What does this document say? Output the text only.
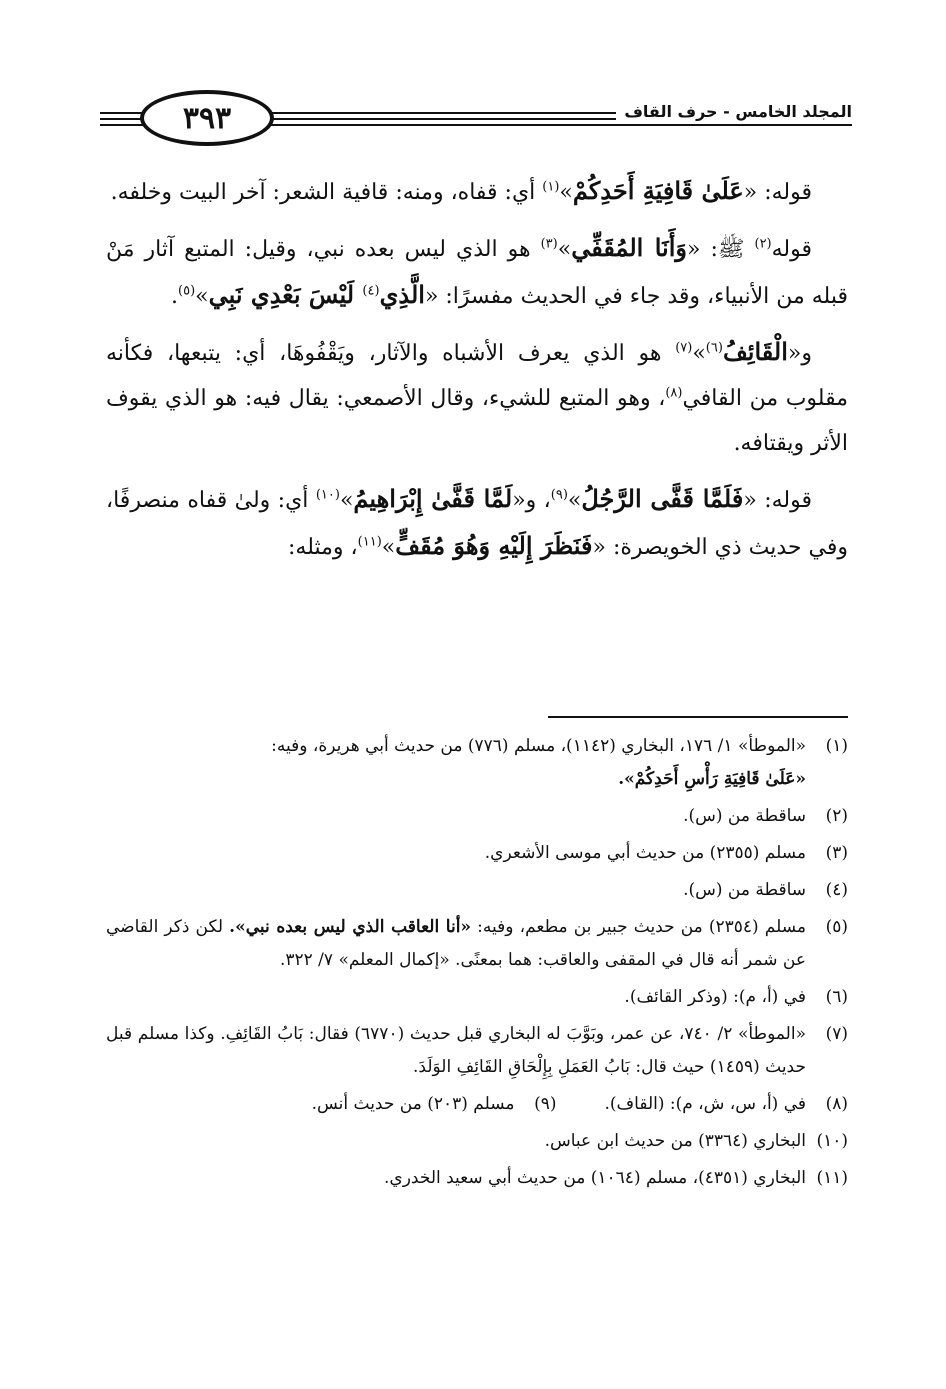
٣٩٣	المجلد الخامس - حرف القاف

قوله: «عَلَىٰ قَافِيَةِ أَحَدِكُمْ»$^{(١)}$ أي: قفاه، ومنه: قافية الشعر: آخر البيت وخلفه.

قوله$^{(٢)}$ ﷺ: «وَأَنَا المُقَفِّي»$^{(٣)}$ هو الذي ليس بعده نبي، وقيل: المتبع آثار مَنْ قبله من الأنبياء، وقد جاء في الحديث مفسرًا: «الَّذِي$^{(٤)}$ لَيْسَ بَعْدِي نَبِي»$^{(٥)}$.

و«الْقَائِفُ$^{(٦)}$»$^{(٧)}$ هو الذي يعرف الأشباه والآثار، ويَقْفُوهَا، أي: يتبعها، فكأنه مقلوب من القافي$^{(٨)}$، وهو المتبع للشيء، وقال الأصمعي: يقال فيه: هو الذي يقوف الأثر ويقتافه.

قوله: «فَلَمَّا قَفَّى الرَّجُلُ»$^{(٩)}$، و«لَمَّا قَفَّىٰ إِبْرَاهِيمُ»$^{(١٠)}$ أي: ولىٰ قفاه منصرفًا، وفي حديث ذي الخويصرة: «فَنَظَرَ إِلَيْهِ وَهُوَ مُقَفٍّ»$^{(١١)}$، ومثله:

(١)
«الموطأ» ١/ ١٧٦، البخاري (١١٤٢)، مسلم (٧٧٦) من حديث أبي هريرة، وفيه:
«عَلَىٰ قَافِيَةِ رَأْسِ أَحَدِكُمْ».
(٢)
ساقطة من (س).
(٣)
مسلم (٢٣٥٥) من حديث أبي موسى الأشعري.
(٤)
ساقطة من (س).
(٥)
مسلم (٢٣٥٤) من حديث جبير بن مطعم، وفيه: «أنا العاقب الذي ليس بعده نبي». لكن ذكر القاضي عن شمر أنه قال في المقفى والعاقب: هما بمعنًى. «إكمال المعلم» ٧/ ٣٢٢.
(٦)
في (أ، م): (وذكر القائف).
(٧)
«الموطأ» ٢/ ٧٤٠، عن عمر، وبَوَّبَ له البخاري قبل حديث (٦٧٧٠) فقال: بَابُ القَائِفِ. وكذا مسلم قبل حديث (١٤٥٩) حيث قال: بَابُ العَمَلِ بِإِلْحَاقِ القَائِفِ الوَلَدَ.
(٨)
في (أ، س، ش، م): (القاف).
(٩)
مسلم (٢٠٣) من حديث أنس.
(١٠)
البخاري (٣٣٦٤) من حديث ابن عباس.
(١١)
البخاري (٤٣٥١)، مسلم (١٠٦٤) من حديث أبي سعيد الخدري.
